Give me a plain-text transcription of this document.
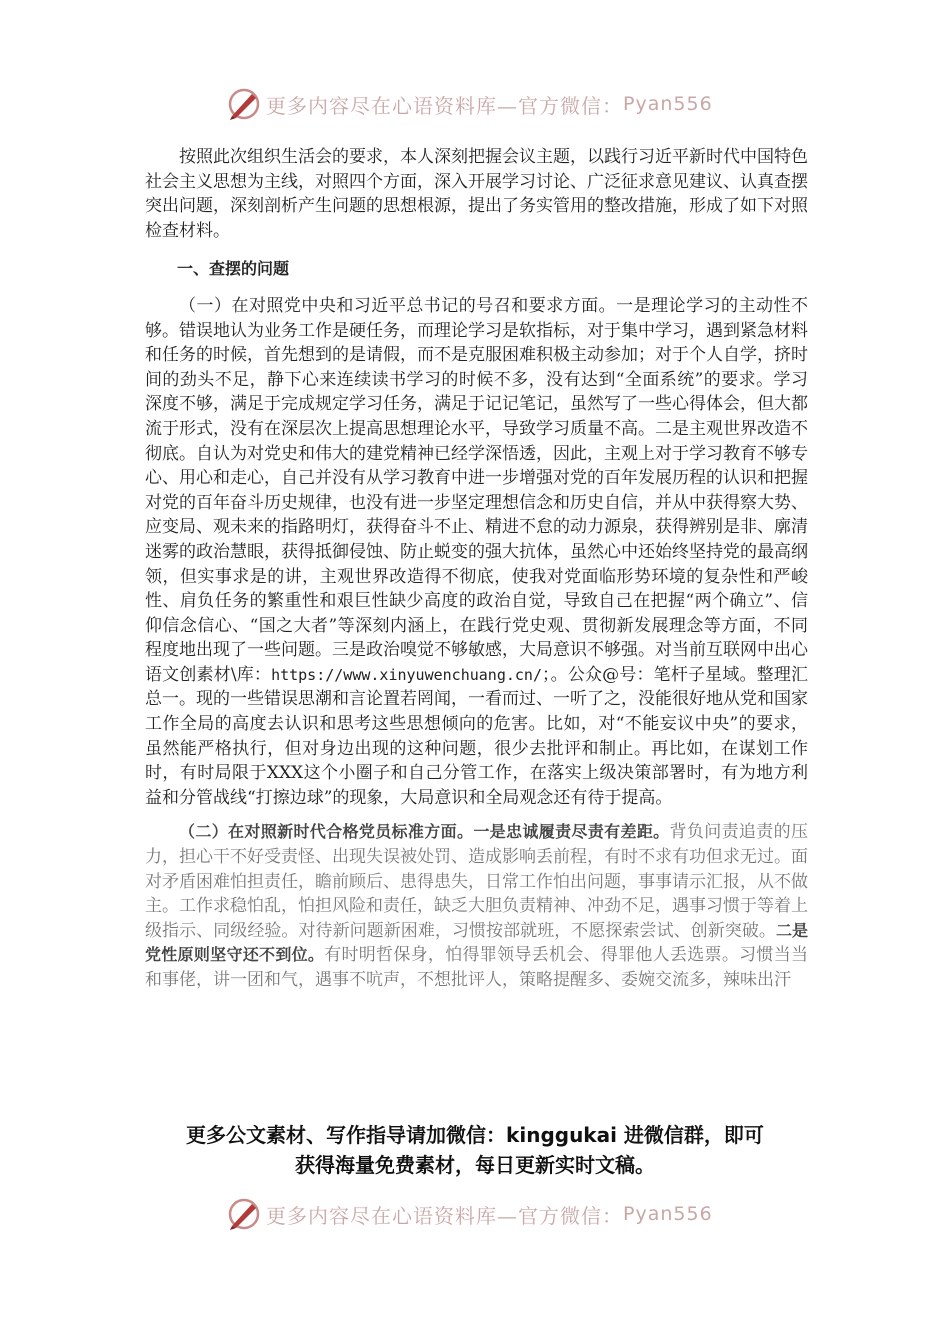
更多内容尽在心语资料库—官方微信： Pyan556

按照此次组织生活会的要求，本人深刻把握会议主题，以践行习近平新时代中国特色社会主义思想为主线，对照四个方面，深入开展学习讨论、广泛征求意见建议、认真查摆突出问题，深刻剖析产生问题的思想根源，提出了务实管用的整改措施，形成了如下对照检查材料。

一、查摆的问题

（一）在对照党中央和习近平总书记的号召和要求方面。一是理论学习的主动性不够。错误地认为业务工作是硬任务，而理论学习是软指标，对于集中学习，遇到紧急材料和任务的时候，首先想到的是请假，而不是克服困难积极主动参加；对于个人自学，挤时间的劲头不足，静下心来连续读书学习的时候不多，没有达到“全面系统”的要求。学习深度不够，满足于完成规定学习任务，满足于记记笔记，虽然写了一些心得体会，但大都流于形式，没有在深层次上提高思想理论水平，导致学习质量不高。二是主观世界改造不彻底。自认为对党史和伟大的建党精神已经学深悟透，因此，主观上对于学习教育不够专心、用心和走心，自己并没有从学习教育中进一步增强对党的百年发展历程的认识和把握对党的百年奋斗历史规律，也没有进一步坚定理想信念和历史自信，并从中获得察大势、应变局、观未来的指路明灯，获得奋斗不止、精进不怠的动力源泉，获得辨别是非、廓清迷雾的政治慧眼，获得抵御侵蚀、防止蜕变的强大抗体，虽然心中还始终坚持党的最高纲领，但实事求是的讲，主观世界改造得不彻底，使我对党面临形势环境的复杂性和严峻性、肩负任务的繁重性和艰巨性缺少高度的政治自觉，导致自己在把握“两个确立”、信仰信念信心、“国之大者”等深刻内涵上，在践行党史观、贯彻新发展理念等方面，不同程度地出现了一些问题。三是政治嗅觉不够敏感，大局意识不够强。对当前互联网中出心语文创素材\库：https://www.xinyuwenchuang.cn/；。公众@号：笔杆子星域。整理汇总一。现的一些错误思潮和言论置若罔闻，一看而过、一听了之，没能很好地从党和国家工作全局的高度去认识和思考这些思想倾向的危害。比如，对“不能妄议中央”的要求，虽然能严格执行，但对身边出现的这种问题，很少去批评和制止。再比如，在谋划工作时，有时局限于XXX这个小圈子和自己分管工作，在落实上级决策部署时，有为地方利益和分管战线“打擦边球”的现象，大局意识和全局观念还有待于提高。

（二）在对照新时代合格党员标准方面。一是忠诚履责尽责有差距。背负问责追责的压力，担心干不好受责怪、出现失误被处罚、造成影响丢前程，有时不求有功但求无过。面对矛盾困难怕担责任，瞻前顾后、患得患失，日常工作怕出问题，事事请示汇报，从不做主。工作求稳怕乱，怕担风险和责任，缺乏大胆负责精神、冲劲不足，遇事习惯于等着上级指示、同级经验。对待新问题新困难，习惯按部就班，不愿探索尝试、创新突破。二是党性原则坚守还不到位。有时明哲保身，怕得罪领导丢机会、得罪他人丢选票。习惯当当和事佬，讲一团和气，遇事不吭声，不想批评人，策略提醒多、委婉交流多，辣味出汗

更多公文素材、写作指导请加微信：kinggukai 进微信群，即可
获得海量免费素材，每日更新实时文稿。
更多内容尽在心语资料库—官方微信： Pyan556
